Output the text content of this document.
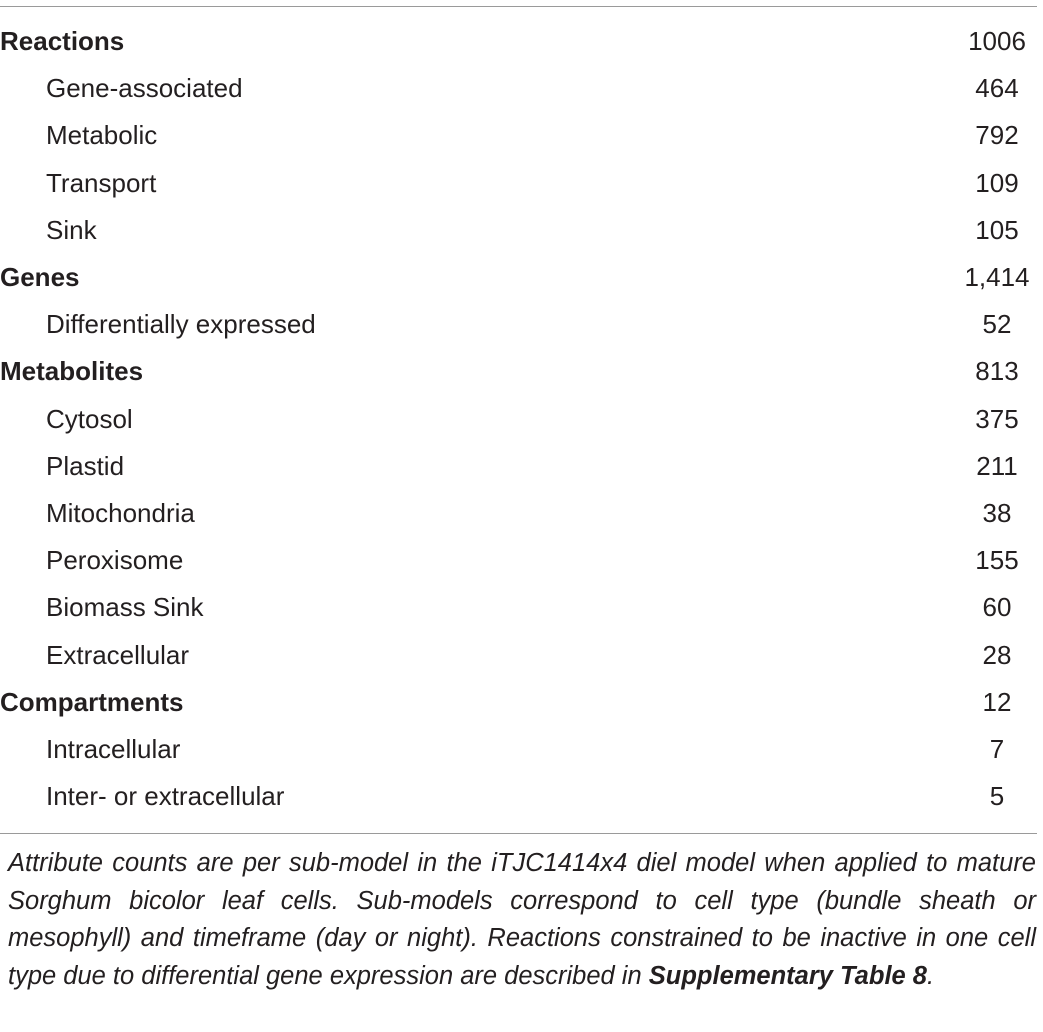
Reactions	1006
Gene-associated	464
Metabolic	792
Transport	109
Sink	105
Genes	1,414
Differentially expressed	52
Metabolites	813
Cytosol	375
Plastid	211
Mitochondria	38
Peroxisome	155
Biomass Sink	60
Extracellular	28
Compartments	12
Intracellular	7
Inter- or extracellular	5

Attribute counts are per sub-model in the iTJC1414x4 diel model when applied to mature Sorghum bicolor leaf cells. Sub-models correspond to cell type (bundle sheath or mesophyll) and timeframe (day or night). Reactions constrained to be inactive in one cell type due to differential gene expression are described in Supplementary Table 8.
